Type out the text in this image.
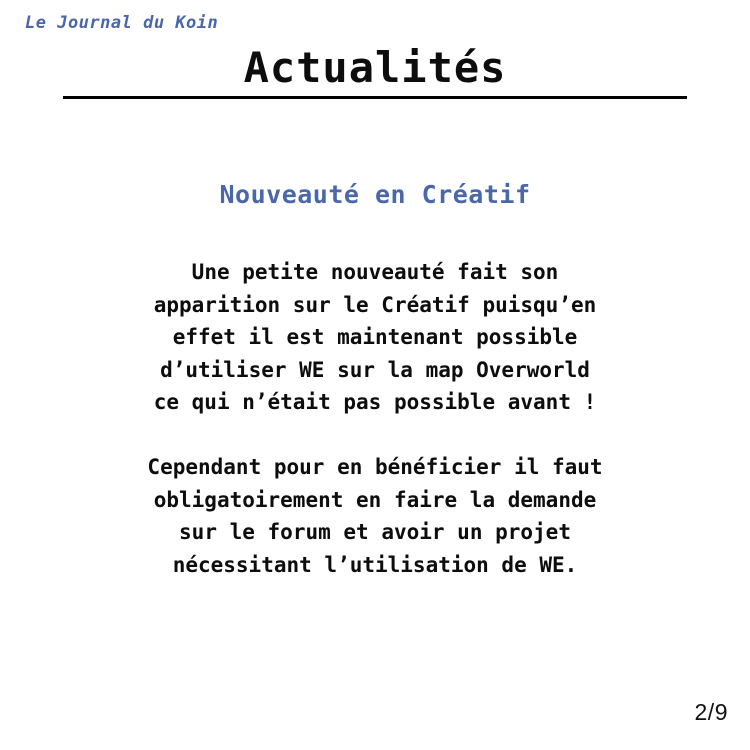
Le Journal du Koin
Actualités
Nouveauté en Créatif

Une petite nouveauté fait son
apparition sur le Créatif puisqu’en
effet il est maintenant possible
d’utiliser WE sur la map Overworld
ce qui n’était pas possible avant !

Cependant pour en bénéficier il faut
obligatoirement en faire la demande
sur le forum et avoir un projet
nécessitant l’utilisation de WE.

2/9
